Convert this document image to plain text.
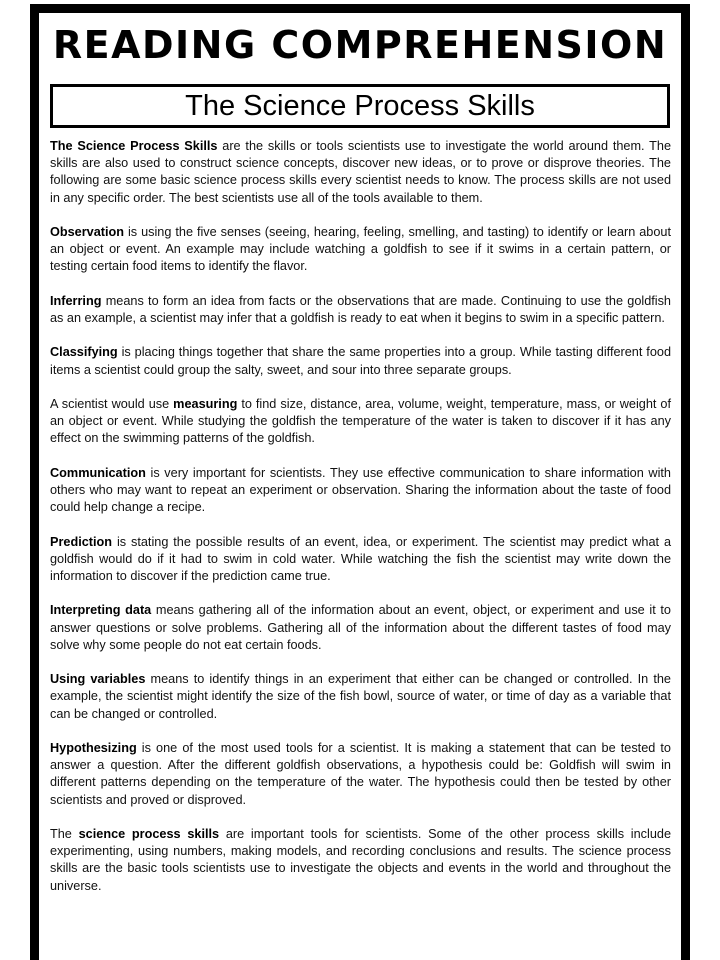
READING COMPREHENSION
The Science Process Skills

The Science Process Skills are the skills or tools scientists use to investigate the world around them. The skills are also used to construct science concepts, discover new ideas, or to prove or disprove theories. The following are some basic science process skills every scientist needs to know. The process skills are not used in any specific order. The best scientists use all of the tools available to them.

Observation is using the five senses (seeing, hearing, feeling, smelling, and tasting) to identify or learn about an object or event. An example may include watching a goldfish to see if it swims in a certain pattern, or testing certain food items to identify the flavor.

Inferring means to form an idea from facts or the observations that are made. Continuing to use the goldfish as an example, a scientist may infer that a goldfish is ready to eat when it begins to swim in a specific pattern.

Classifying is placing things together that share the same properties into a group. While tasting different food items a scientist could group the salty, sweet, and sour into three separate groups.

A scientist would use measuring to find size, distance, area, volume, weight, temperature, mass, or weight of an object or event. While studying the goldfish the temperature of the water is taken to discover if it has any effect on the swimming patterns of the goldfish.

Communication is very important for scientists. They use effective communication to share information with others who may want to repeat an experiment or observation. Sharing the information about the taste of food could help change a recipe.

Prediction is stating the possible results of an event, idea, or experiment. The scientist may predict what a goldfish would do if it had to swim in cold water. While watching the fish the scientist may write down the information to discover if the prediction came true.

Interpreting data means gathering all of the information about an event, object, or experiment and use it to answer questions or solve problems. Gathering all of the information about the different tastes of food may solve why some people do not eat certain foods.

Using variables means to identify things in an experiment that either can be changed or controlled. In the example, the scientist might identify the size of the fish bowl, source of water, or time of day as a variable that can be changed or controlled.

Hypothesizing is one of the most used tools for a scientist. It is making a statement that can be tested to answer a question. After the different goldfish observations, a hypothesis could be: Goldfish will swim in different patterns depending on the temperature of the water. The hypothesis could then be tested by other scientists and proved or disproved.

The science process skills are important tools for scientists. Some of the other process skills include experimenting, using numbers, making models, and recording conclusions and results. The science process skills are the basic tools scientists use to investigate the objects and events in the world and throughout the universe.
